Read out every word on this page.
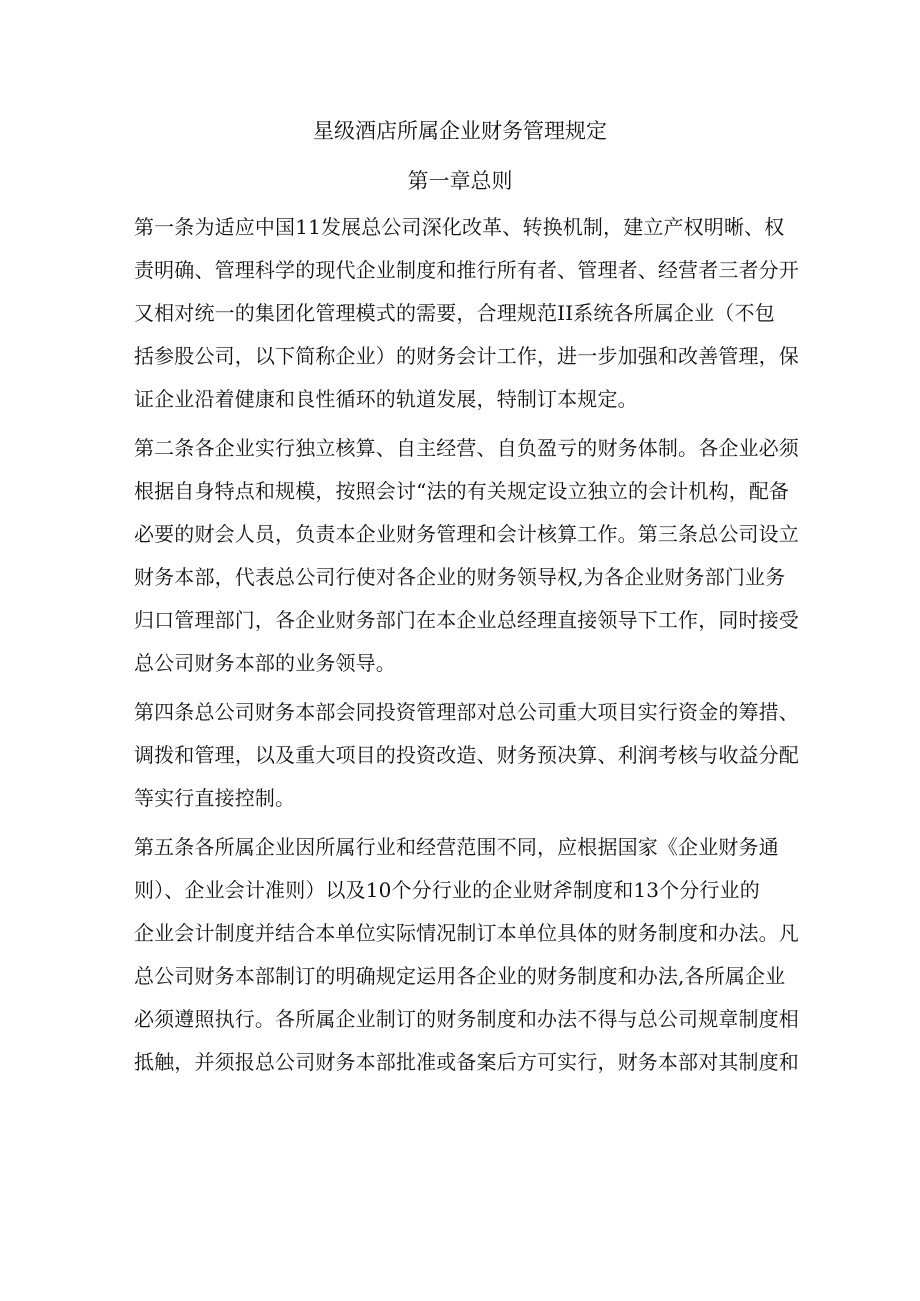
星级酒店所属企业财务管理规定
第一章总则
第一条为适应中国11发展总公司深化改革、转换机制，建立产权明晰、权
责明确、管理科学的现代企业制度和推行所有者、管理者、经营者三者分开
又相对统一的集团化管理模式的需要，合理规范II系统各所属企业（不包
括参股公司，以下简称企业）的财务会计工作，进一步加强和改善管理，保
证企业沿着健康和良性循环的轨道发展，特制订本规定。
第二条各企业实行独立核算、自主经营、自负盈亏的财务体制。各企业必须
根据自身特点和规模，按照会讨“法的有关规定设立独立的会计机构，配备
必要的财会人员，负责本企业财务管理和会计核算工作。第三条总公司设立
财务本部，代表总公司行使对各企业的财务领导权,为各企业财务部门业务
归口管理部门，各企业财务部门在本企业总经理直接领导下工作，同时接受
总公司财务本部的业务领导。
第四条总公司财务本部会同投资管理部对总公司重大项目实行资金的筹措、
调拨和管理，以及重大项目的投资改造、财务预决算、利润考核与收益分配
等实行直接控制。
第五条各所属企业因所属行业和经营范围不同，应根据国家《企业财务通
则）、企业会计准则）以及10个分行业的企业财斧制度和13个分行业的
企业会计制度并结合本单位实际情况制订本单位具体的财务制度和办法。凡
总公司财务本部制订的明确规定运用各企业的财务制度和办法,各所属企业
必须遵照执行。各所属企业制订的财务制度和办法不得与总公司规章制度相
抵触，并须报总公司财务本部批准或备案后方可实行，财务本部对其制度和
